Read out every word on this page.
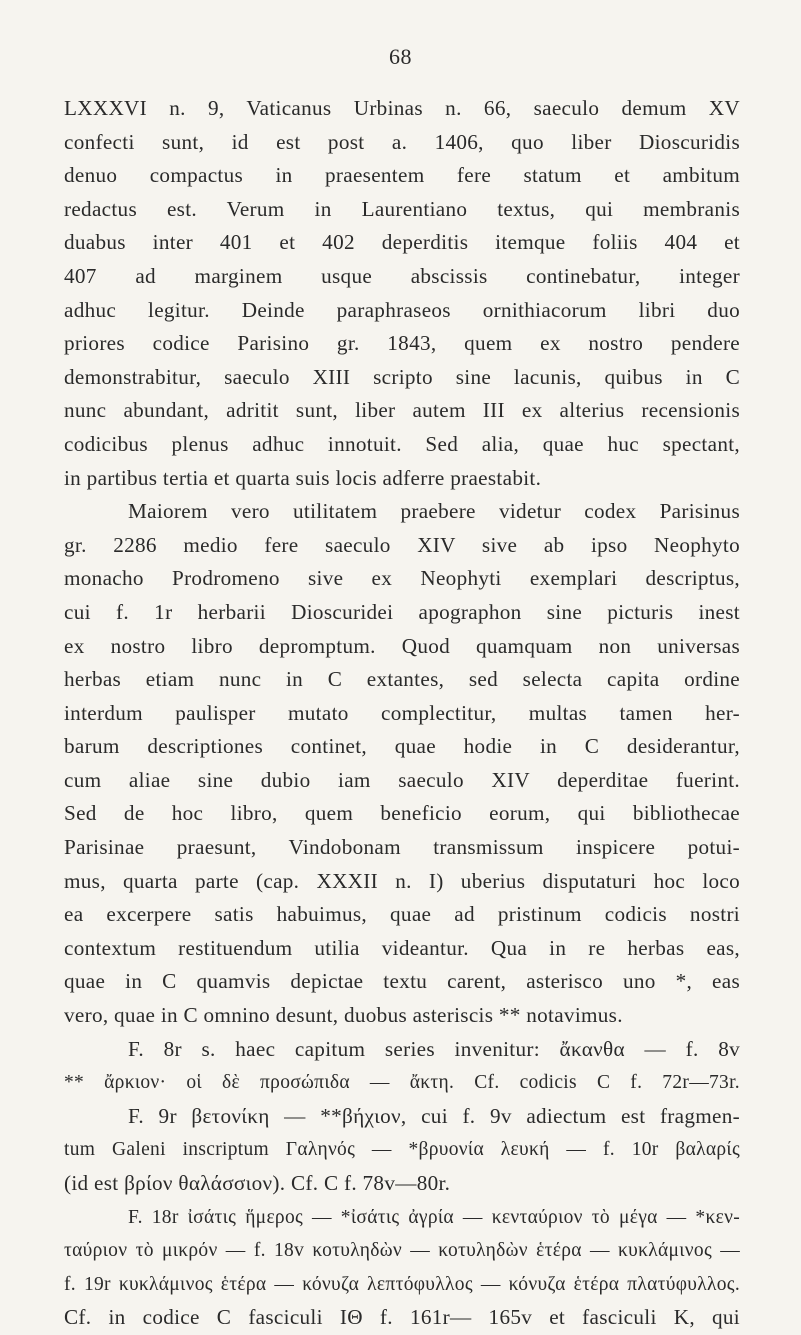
68
LXXXVI n. 9, Vaticanus Urbinas n. 66, saeculo demum XV
confecti sunt, id est post a. 1406, quo liber Dioscuridis
denuo compactus in praesentem fere statum et ambitum
redactus est. Verum in Laurentiano textus, qui membranis
duabus inter 401 et 402 deperditis itemque foliis 404 et
407 ad marginem usque abscissis continebatur, integer
adhuc legitur. Deinde paraphraseos ornithiacorum libri duo
priores codice Parisino gr. 1843, quem ex nostro pendere
demonstrabitur, saeculo XIII scripto sine lacunis, quibus in C
nunc abundant, adritit sunt, liber autem III ex alterius recensionis
codicibus plenus adhuc innotuit. Sed alia, quae huc spectant,
in partibus tertia et quarta suis locis adferre praestabit.
Maiorem vero utilitatem praebere videtur codex Parisinus
gr. 2286 medio fere saeculo XIV sive ab ipso Neophyto
monacho Prodromeno sive ex Neophyti exemplari descriptus,
cui f. 1r herbarii Dioscuridei apographon sine picturis inest
ex nostro libro depromptum. Quod quamquam non universas
herbas etiam nunc in C extantes, sed selecta capita ordine
interdum paulisper mutato complectitur, multas tamen her-
barum descriptiones continet, quae hodie in C desiderantur,
cum aliae sine dubio iam saeculo XIV deperditae fuerint.
Sed de hoc libro, quem beneficio eorum, qui bibliothecae
Parisinae praesunt, Vindobonam transmissum inspicere potui-
mus, quarta parte (cap. XXXII n. I) uberius disputaturi hoc loco
ea excerpere satis habuimus, quae ad pristinum codicis nostri
contextum restituendum utilia videantur. Qua in re herbas eas,
quae in C quamvis depictae textu carent, asterisco uno *, eas
vero, quae in C omnino desunt, duobus asteriscis ** notavimus.
F. 8r s. haec capitum series invenitur: ἄκανθα — f. 8v
** ἄρκιον· οἱ δὲ προσώπιδα — ἄκτη. Cf. codicis C f. 72r—73r.
F. 9r βετονίκη — **βήχιον, cui f. 9v adiectum est fragmen-
tum Galeni inscriptum Γαληνός — *βρυονία λευκή — f. 10r βαλαρίς
(id est βρίον θαλάσσιον). Cf. C f. 78v—80r.
F. 18r ἰσάτις ἥμερος — *ἰσάτις ἀγρία — κενταύριον τὸ μέγα — *κεν-
ταύριον τὸ μικρόν — f. 18v κοτυληδὼν — κοτυληδὼν ἑτέρα — κυκλάμινος —
f. 19r κυκλάμινος ἑτέρα — κόνυζα λεπτόφυλλος — κόνυζα ἑτέρα πλατύφυλλος.
Cf. in codice C fasciculi ΙΘ f. 161r— 165v et fasciculi Κ, qui
